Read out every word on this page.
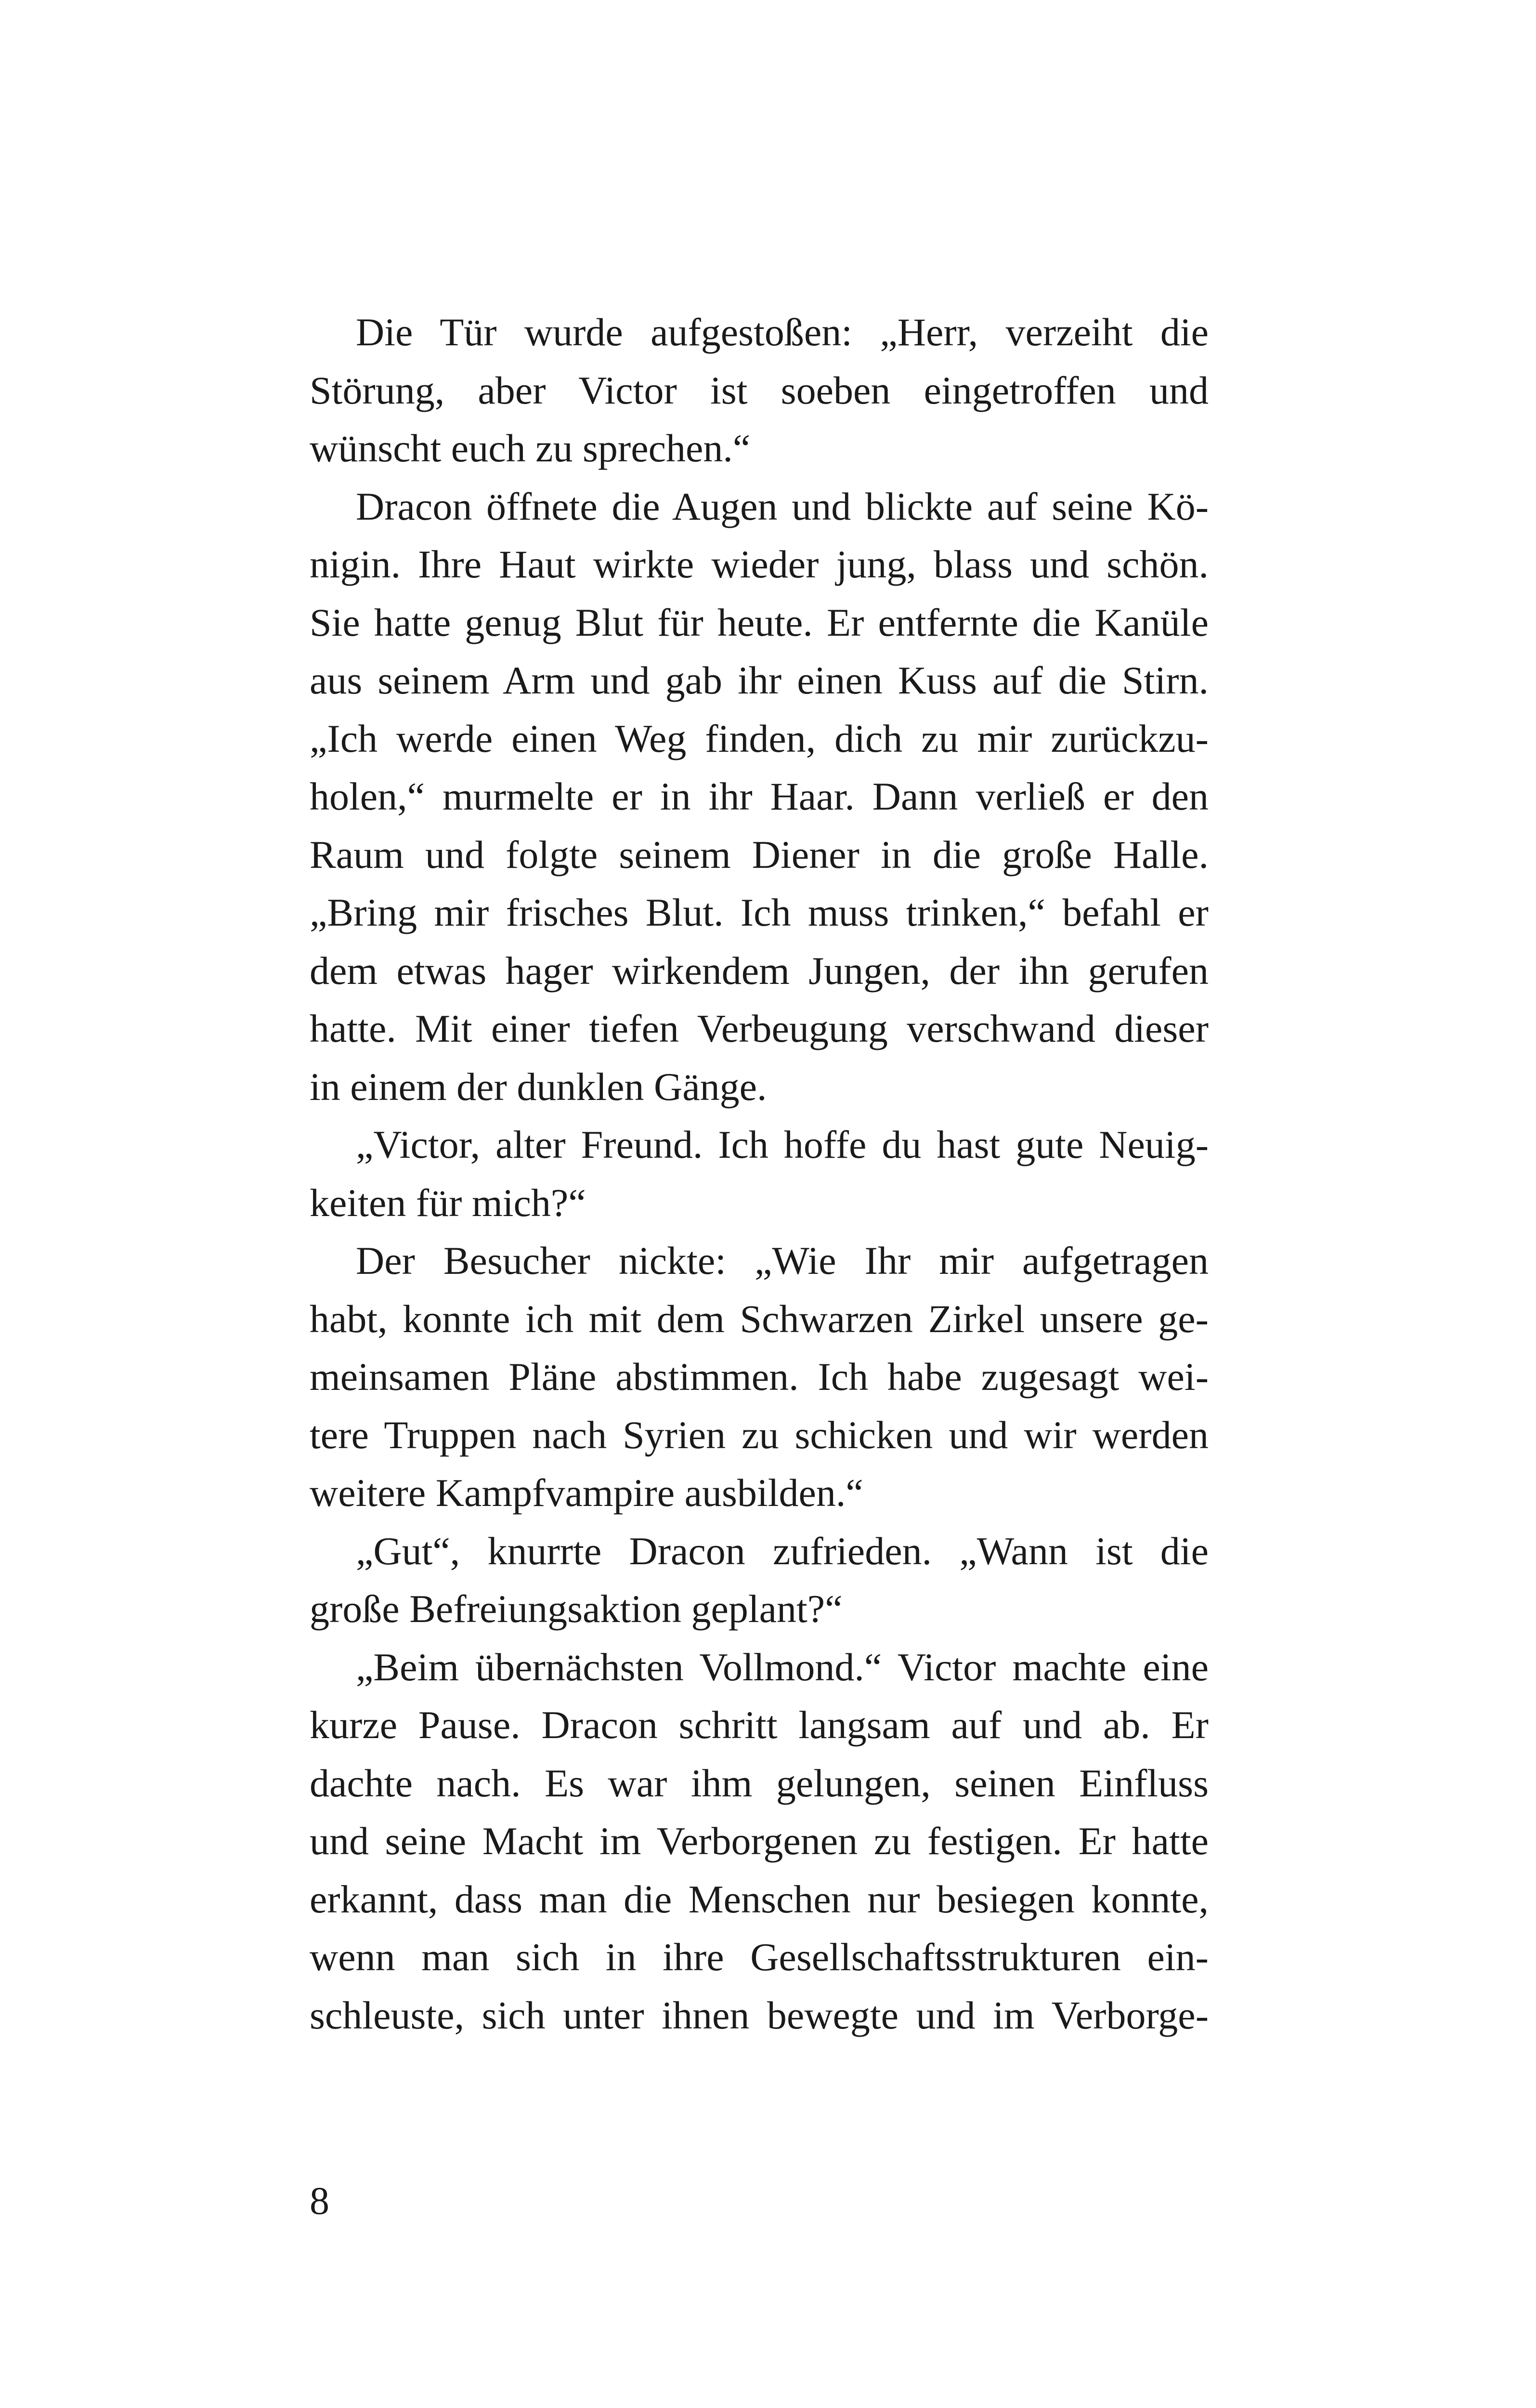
Die Tür wurde aufgestoßen: „Herr, verzeiht die
Störung, aber Victor ist soeben eingetroffen und
wünscht euch zu sprechen.“
Dracon öffnete die Augen und blickte auf seine Kö-
nigin. Ihre Haut wirkte wieder jung, blass und schön.
Sie hatte genug Blut für heute. Er entfernte die Kanüle
aus seinem Arm und gab ihr einen Kuss auf die Stirn.
„Ich werde einen Weg finden, dich zu mir zurückzu-
holen,“ murmelte er in ihr Haar. Dann verließ er den
Raum und folgte seinem Diener in die große Halle.
„Bring mir frisches Blut. Ich muss trinken,“ befahl er
dem etwas hager wirkendem Jungen, der ihn gerufen
hatte. Mit einer tiefen Verbeugung verschwand dieser
in einem der dunklen Gänge.
„Victor, alter Freund. Ich hoffe du hast gute Neuig-
keiten für mich?“
Der Besucher nickte: „Wie Ihr mir aufgetragen
habt, konnte ich mit dem Schwarzen Zirkel unsere ge-
meinsamen Pläne abstimmen. Ich habe zugesagt wei-
tere Truppen nach Syrien zu schicken und wir werden
weitere Kampfvampire ausbilden.“
„Gut“, knurrte Dracon zufrieden. „Wann ist die
große Befreiungsaktion geplant?“
„Beim übernächsten Vollmond.“ Victor machte eine
kurze Pause. Dracon schritt langsam auf und ab. Er
dachte nach. Es war ihm gelungen, seinen Einfluss
und seine Macht im Verborgenen zu festigen. Er hatte
erkannt, dass man die Menschen nur besiegen konnte,
wenn man sich in ihre Gesellschaftsstrukturen ein-
schleuste, sich unter ihnen bewegte und im Verborge-
8
